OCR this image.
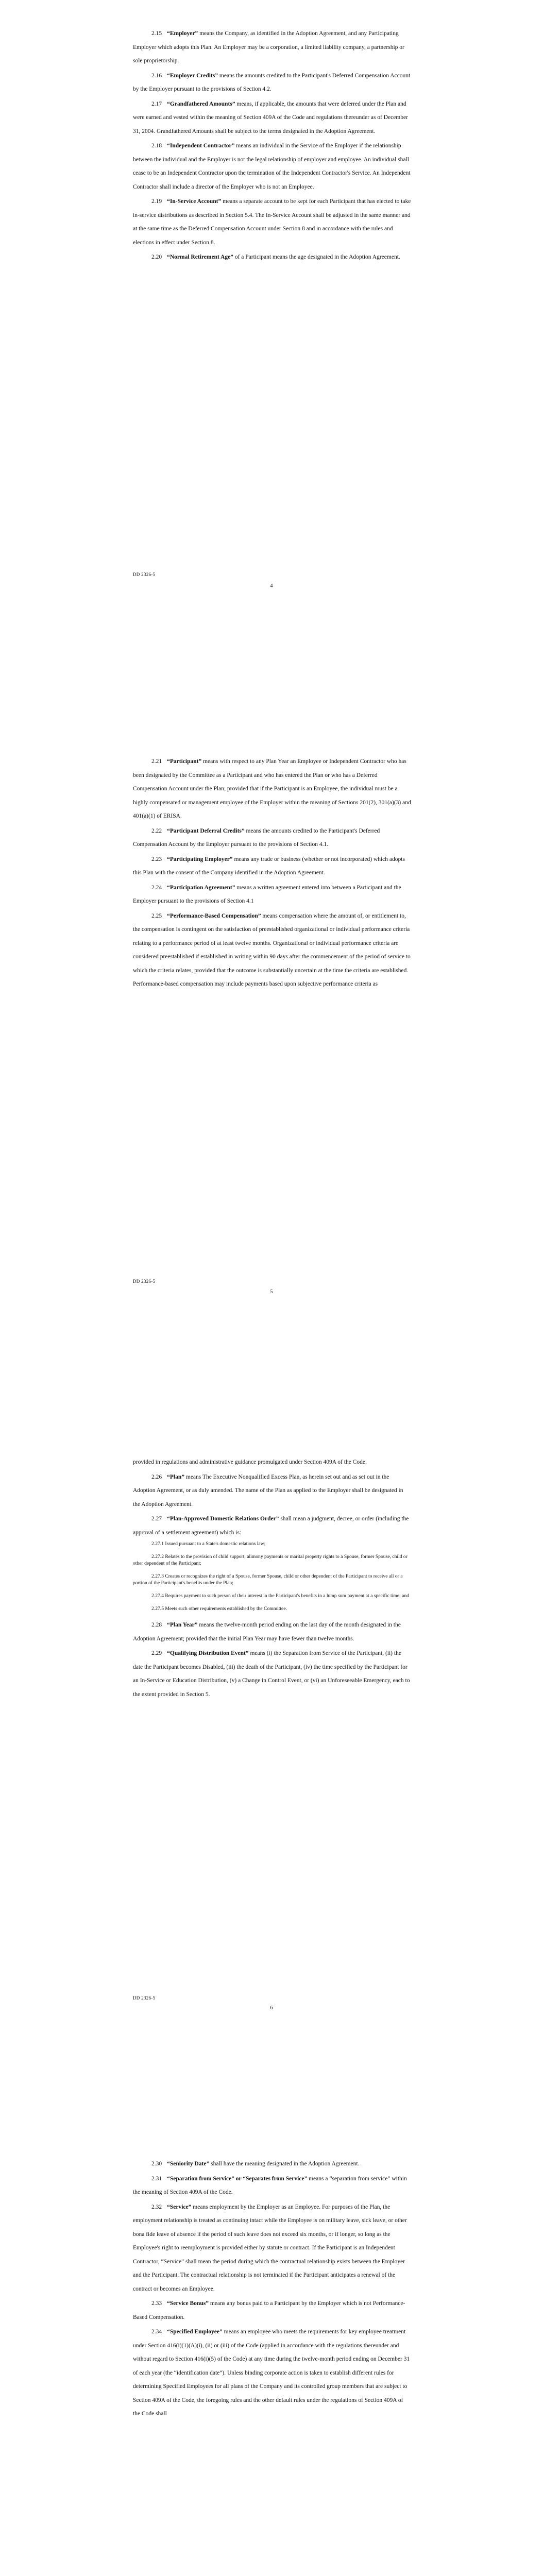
2.15 “Employer” means the Company, as identified in the Adoption Agreement, and any Participating Employer which adopts this Plan. An Employer may be a corporation, a limited liability company, a partnership or sole proprietorship.

2.16 “Employer Credits” means the amounts credited to the Participant's Deferred Compensation Account by the Employer pursuant to the provisions of Section 4.2.

2.17 “Grandfathered Amounts” means, if applicable, the amounts that were deferred under the Plan and were earned and vested within the meaning of Section 409A of the Code and regulations thereunder as of December 31, 2004. Grandfathered Amounts shall be subject to the terms designated in the Adoption Agreement.

2.18 “Independent Contractor” means an individual in the Service of the Employer if the relationship between the individual and the Employer is not the legal relationship of employer and employee. An individual shall cease to be an Independent Contractor upon the termination of the Independent Contractor's Service. An Independent Contractor shall include a director of the Employer who is not an Employee.

2.19 “In-Service Account” means a separate account to be kept for each Participant that has elected to take in-service distributions as described in Section 5.4. The In-Service Account shall be adjusted in the same manner and at the same time as the Deferred Compensation Account under Section 8 and in accordance with the rules and elections in effect under Section 8.

2.20 “Normal Retirement Age” of a Participant means the age designated in the Adoption Agreement.

DD 2326-5
4

2.21 “Participant” means with respect to any Plan Year an Employee or Independent Contractor who has been designated by the Committee as a Participant and who has entered the Plan or who has a Deferred Compensation Account under the Plan; provided that if the Participant is an Employee, the individual must be a highly compensated or management employee of the Employer within the meaning of Sections 201(2), 301(a)(3) and 401(a)(1) of ERISA.

2.22 “Participant Deferral Credits” means the amounts credited to the Participant's Deferred Compensation Account by the Employer pursuant to the provisions of Section 4.1.

2.23 “Participating Employer” means any trade or business (whether or not incorporated) which adopts this Plan with the consent of the Company identified in the Adoption Agreement.

2.24 “Participation Agreement” means a written agreement entered into between a Participant and the Employer pursuant to the provisions of Section 4.1

2.25 “Performance-Based Compensation” means compensation where the amount of, or entitlement to, the compensation is contingent on the satisfaction of preestablished organizational or individual performance criteria relating to a performance period of at least twelve months. Organizational or individual performance criteria are considered preestablished if established in writing within 90 days after the commencement of the period of service to which the criteria relates, provided that the outcome is substantially uncertain at the time the criteria are established. Performance-based compensation may include payments based upon subjective performance criteria as

DD 2326-5
5

provided in regulations and administrative guidance promulgated under Section 409A of the Code.

2.26 “Plan” means The Executive Nonqualified Excess Plan, as herein set out and as set out in the Adoption Agreement, or as duly amended. The name of the Plan as applied to the Employer shall be designated in the Adoption Agreement.

2.27 “Plan-Approved Domestic Relations Order” shall mean a judgment, decree, or order (including the approval of a settlement agreement) which is:

2.27.1 Issued pursuant to a State's domestic relations law;

2.27.2 Relates to the provision of child support, alimony payments or marital property rights to a Spouse, former Spouse, child or other dependent of the Participant;

2.27.3 Creates or recognizes the right of a Spouse, former Spouse, child or other dependent of the Participant to receive all or a portion of the Participant's benefits under the Plan;

2.27.4 Requires payment to such person of their interest in the Participant's benefits in a lump sum payment at a specific time; and

2.27.5 Meets such other requirements established by the Committee.

2.28 “Plan Year” means the twelve-month period ending on the last day of the month designated in the Adoption Agreement; provided that the initial Plan Year may have fewer than twelve months.

2.29 “Qualifying Distribution Event” means (i) the Separation from Service of the Participant, (ii) the date the Participant becomes Disabled, (iii) the death of the Participant, (iv) the time specified by the Participant for an In-Service or Education Distribution, (v) a Change in Control Event, or (vi) an Unforeseeable Emergency, each to the extent provided in Section 5.

DD 2326-5
6

2.30 “Seniority Date” shall have the meaning designated in the Adoption Agreement.

2.31 “Separation from Service” or “Separates from Service” means a “separation from service” within the meaning of Section 409A of the Code.

2.32 “Service” means employment by the Employer as an Employee. For purposes of the Plan, the employment relationship is treated as continuing intact while the Employee is on military leave, sick leave, or other bona fide leave of absence if the period of such leave does not exceed six months, or if longer, so long as the Employee's right to reemployment is provided either by statute or contract. If the Participant is an Independent Contractor, “Service” shall mean the period during which the contractual relationship exists between the Employer and the Participant. The contractual relationship is not terminated if the Participant anticipates a renewal of the contract or becomes an Employee.

2.33 “Service Bonus” means any bonus paid to a Participant by the Employer which is not Performance-Based Compensation.

2.34 “Specified Employee” means an employee who meets the requirements for key employee treatment under Section 416(i)(1)(A)(i), (ii) or (iii) of the Code (applied in accordance with the regulations thereunder and without regard to Section 416(i)(5) of the Code) at any time during the twelve-month period ending on December 31 of each year (the “identification date”). Unless binding corporate action is taken to establish different rules for determining Specified Employees for all plans of the Company and its controlled group members that are subject to Section 409A of the Code, the foregoing rules and the other default rules under the regulations of Section 409A of the Code shall
